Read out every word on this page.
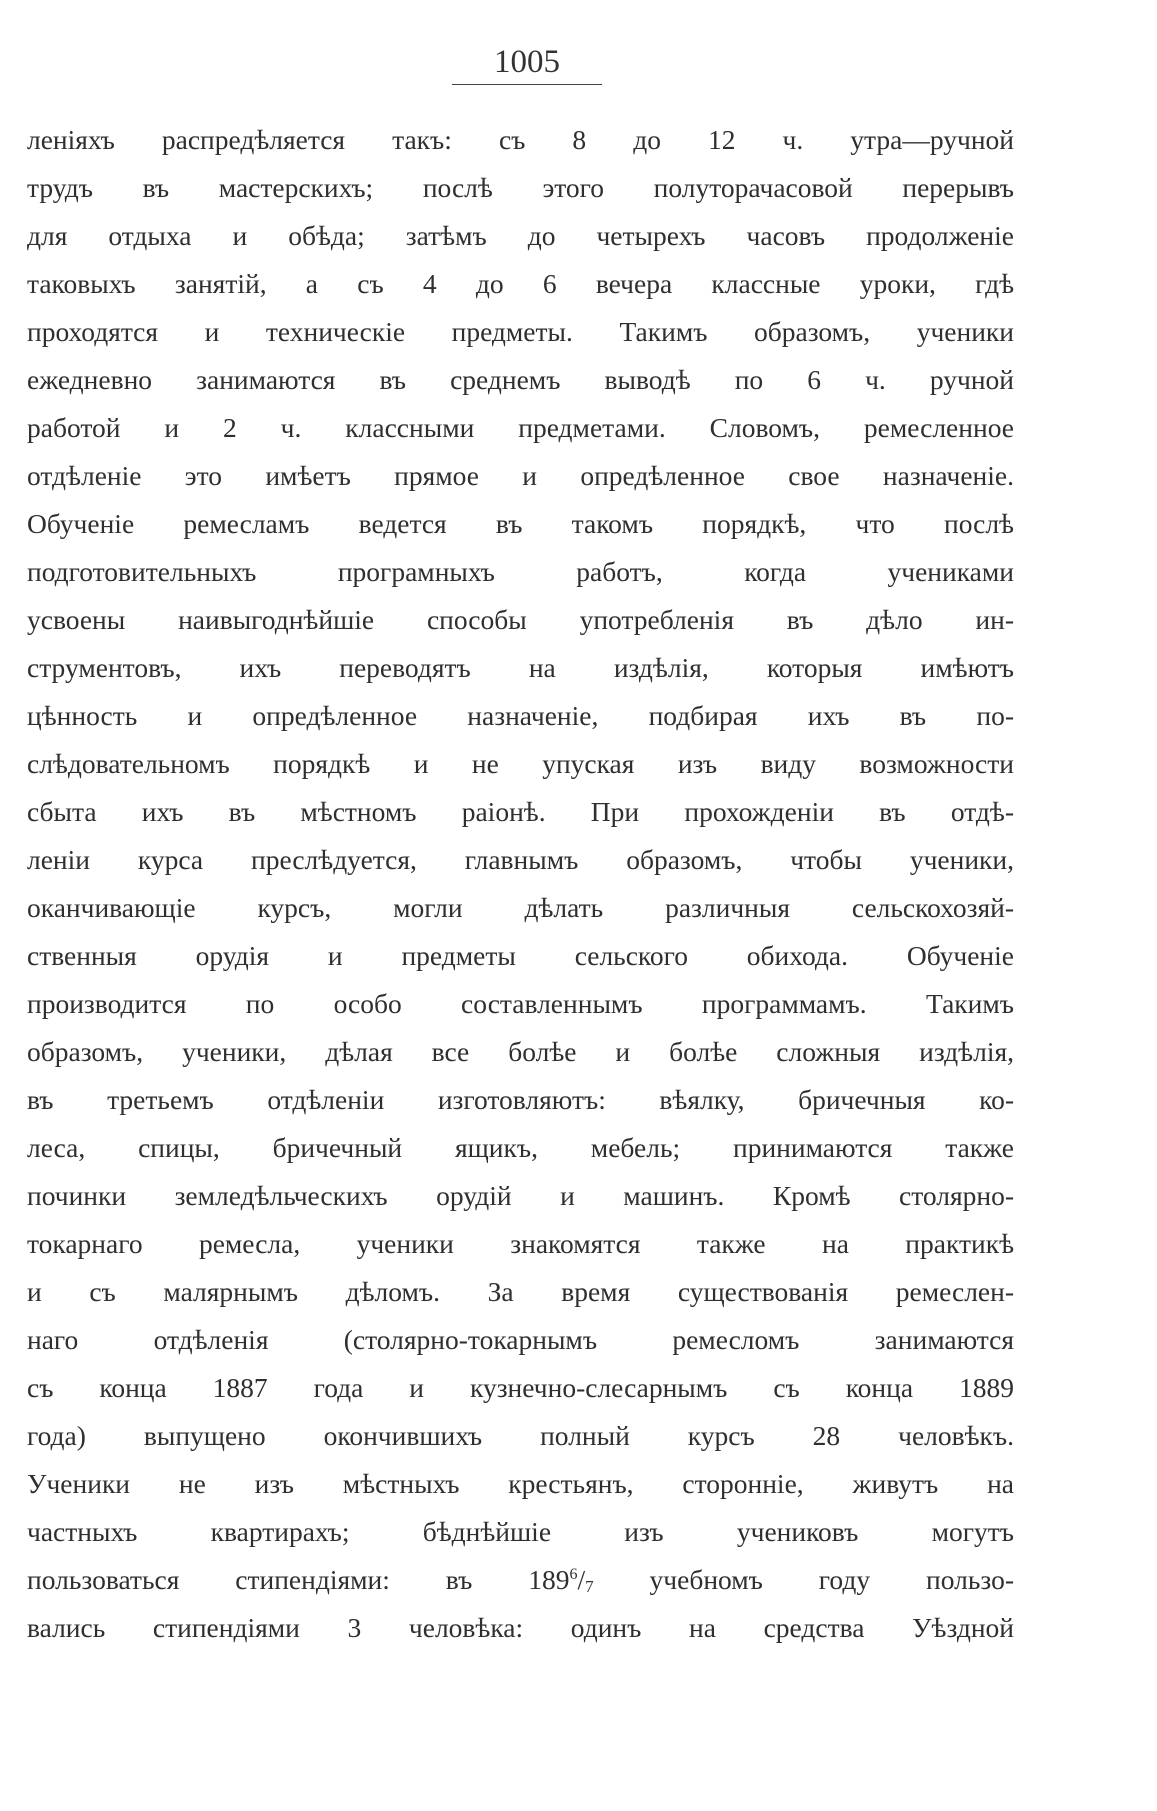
1005
леніяхъ распредѣляется такъ: съ 8 до 12 ч. утра—ручной
трудъ въ мастерскихъ; послѣ этого полуторачасовой перерывъ
для отдыха и обѣда; затѣмъ до четырехъ часовъ продолженіе
таковыхъ занятій, а съ 4 до 6 вечера классные уроки, гдѣ
проходятся и техническіе предметы. Такимъ образомъ, ученики
ежедневно занимаются въ среднемъ выводѣ по 6 ч. ручной
работой и 2 ч. классными предметами. Словомъ, ремесленное
отдѣленіе это имѣетъ прямое и опредѣленное свое назначеніе.
Обученіе ремесламъ ведется въ такомъ порядкѣ, что послѣ
подготовительныхъ програмныхъ работъ, когда учениками
усвоены наивыгоднѣйшіе способы употребленія въ дѣло ин-
струментовъ, ихъ переводятъ на издѣлія, которыя имѣютъ
цѣнность и опредѣленное назначеніе, подбирая ихъ въ по-
слѣдовательномъ порядкѣ и не упуская изъ виду возможности
сбыта ихъ въ мѣстномъ раіонѣ. При прохожденіи въ отдѣ-
леніи курса преслѣдуется, главнымъ образомъ, чтобы ученики,
оканчивающіе курсъ, могли дѣлать различныя сельскохозяй-
ственныя орудія и предметы сельского обихода. Обученіе
производится по особо составленнымъ программамъ. Такимъ
образомъ, ученики, дѣлая все болѣе и болѣе сложныя издѣлія,
въ третьемъ отдѣленіи изготовляютъ: вѣялку, бричечныя ко-
леса, спицы, бричечный ящикъ, мебель; принимаются также
починки земледѣльческихъ орудій и машинъ. Кромѣ столярно-
токарнаго ремесла, ученики знакомятся также на практикѣ
и съ малярнымъ дѣломъ. За время существованія ремеслен-
наго отдѣленія (столярно-токарнымъ ремесломъ занимаются
съ конца 1887 года и кузнечно-слесарнымъ съ конца 1889
года) выпущено окончившихъ полный курсъ 28 человѣкъ.
Ученики не изъ мѣстныхъ крестьянъ, сторонніе, живутъ на
частныхъ квартирахъ; бѣднѣйшіе изъ учениковъ могутъ
пользоваться стипендіями: въ $189^6/7$ учебномъ году пользо-
вались стипендіями 3 человѣка: одинъ на средства Уѣздной
